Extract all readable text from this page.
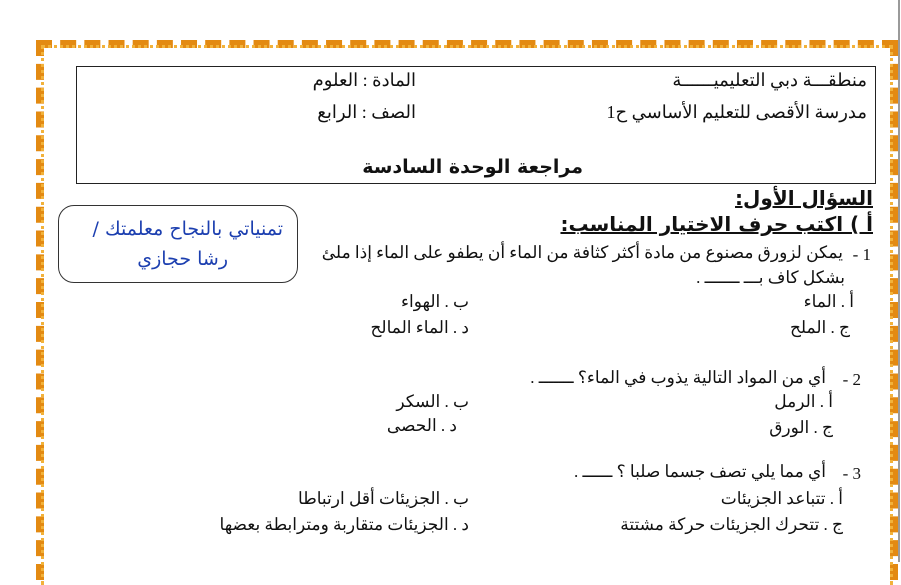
منطقـــة دبي التعليميــــــة
المادة : العلوم
مدرسة الأقصى للتعليم الأساسي ح1
الصف : الرابع
مراجعة الوحدة السادسة
السؤال الأول:
أ ) اكتب حرف الاختيار المناسب:
تمنياتي بالنجاح معلمتك /
رشا حجازي	1 -
يمكن لزورق مصنوع من مادة أكثر كثافة من الماء أن يطفو على الماء إذا ملئ
بشكل كاف بـــ ـــــــ .
أ . الماء
ب . الهواء
ج . الملح
د . الماء المالح
2 -
أي من المواد التالية يذوب في الماء؟ ـــــــ .
أ . الرمل
ب . السكر
ج . الورق
د . الحصى
3 -
أي مما يلي تصف جسما صلبا ؟ ــــــ .
أ . تتباعد الجزيئات
ب . الجزيئات أقل ارتباطا
ج . تتحرك الجزيئات حركة مشتتة
د . الجزيئات متقاربة ومترابطة بعضها
